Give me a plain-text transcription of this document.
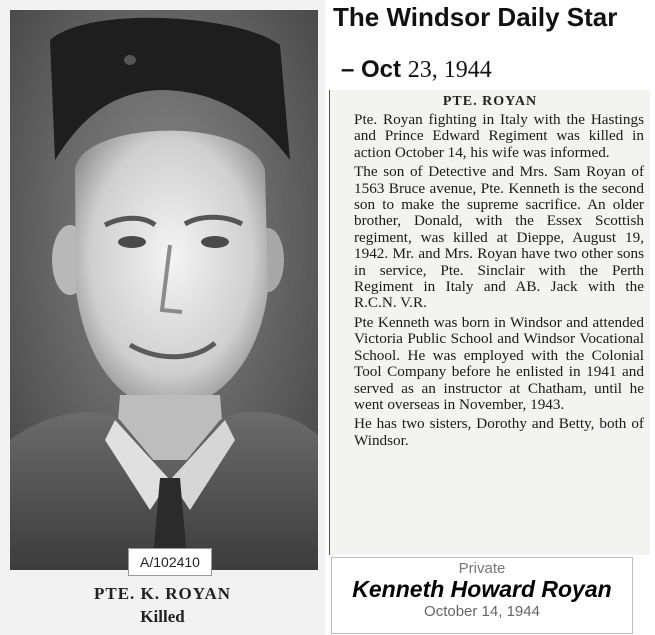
A/102410
PTE. K. ROYAN
Killed
The Windsor Daily Star
– Oct 23, 1944
PTE. ROYAN

Pte. Royan fighting in Italy with the Hastings and Prince Edward Regiment was killed in action October 14, his wife was informed.

The son of Detective and Mrs. Sam Royan of 1563 Bruce avenue, Pte. Kenneth is the second son to make the supreme sacrifice. An older brother, Donald, with the Essex Scottish regiment, was killed at Dieppe, August 19, 1942. Mr. and Mrs. Royan have two other sons in service, Pte. Sinclair with the Perth Regiment in Italy and AB. Jack with the R.C.N. V.R.

Pte Kenneth was born in Windsor and attended Victoria Public School and Windsor Vocational School. He was employed with the Colonial Tool Company before he enlisted in 1941 and served as an instructor at Chatham, until he went overseas in November, 1943.

He has two sisters, Dorothy and Betty, both of Windsor.

Private
Kenneth Howard Royan
October 14, 1944
